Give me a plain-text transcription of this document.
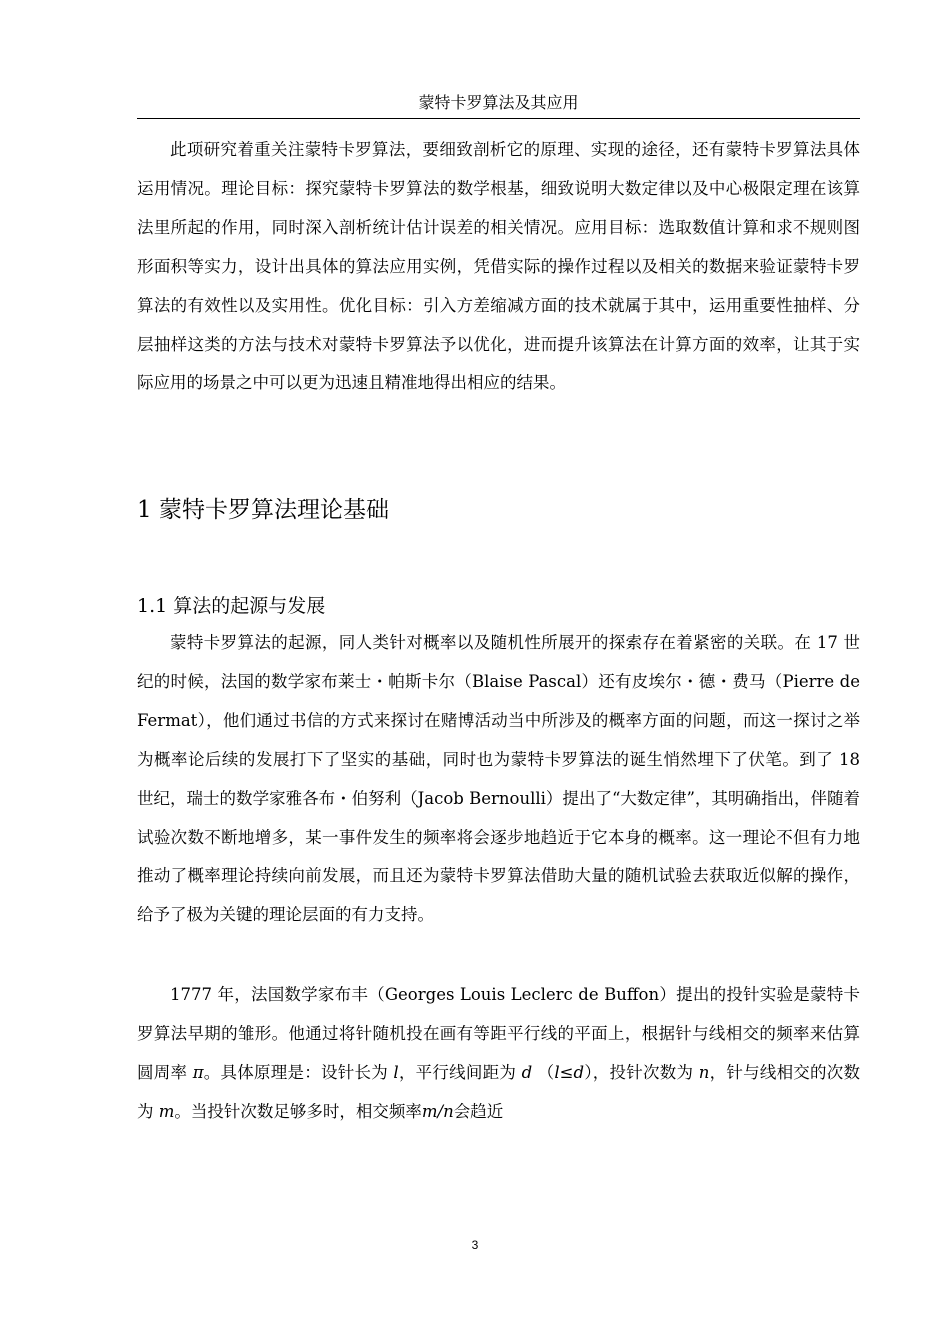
蒙特卡罗算法及其应用

此项研究着重关注蒙特卡罗算法，要细致剖析它的原理、实现的途径，还有蒙特卡罗算法具体运用情况。理论目标：探究蒙特卡罗算法的数学根基，细致说明大数定律以及中心极限定理在该算法里所起的作用，同时深入剖析统计估计误差的相关情况。应用目标：选取数值计算和求不规则图形面积等实力，设计出具体的算法应用实例，凭借实际的操作过程以及相关的数据来验证蒙特卡罗算法的有效性以及实用性。优化目标：引入方差缩减方面的技术就属于其中，运用重要性抽样、分层抽样这类的方法与技术对蒙特卡罗算法予以优化，进而提升该算法在计算方面的效率，让其于实际应用的场景之中可以更为迅速且精准地得出相应的结果。

1 蒙特卡罗算法理论基础
1.1 算法的起源与发展

蒙特卡罗算法的起源，同人类针对概率以及随机性所展开的探索存在着紧密的关联。在 17 世纪的时候，法国的数学家布莱士・帕斯卡尔（Blaise Pascal）还有皮埃尔・德・费马（Pierre de Fermat），他们通过书信的方式来探讨在赌博活动当中所涉及的概率方面的问题，而这一探讨之举为概率论后续的发展打下了坚实的基础，同时也为蒙特卡罗算法的诞生悄然埋下了伏笔。到了 18 世纪，瑞士的数学家雅各布・伯努利（Jacob Bernoulli）提出了“大数定律”，其明确指出，伴随着试验次数不断地增多，某一事件发生的频率将会逐步地趋近于它本身的概率。这一理论不但有力地推动了概率理论持续向前发展，而且还为蒙特卡罗算法借助大量的随机试验去获取近似解的操作，给予了极为关键的理论层面的有力支持。

1777 年，法国数学家布丰（Georges Louis Leclerc de Buffon）提出的投针实验是蒙特卡罗算法早期的雏形。他通过将针随机投在画有等距平行线的平面上，根据针与线相交的频率来估算圆周率 π。具体原理是：设针长为 l，平行线间距为 d （l≤d），投针次数为 n，针与线相交的次数为 m。当投针次数足够多时，相交频率m/n会趋近

3
